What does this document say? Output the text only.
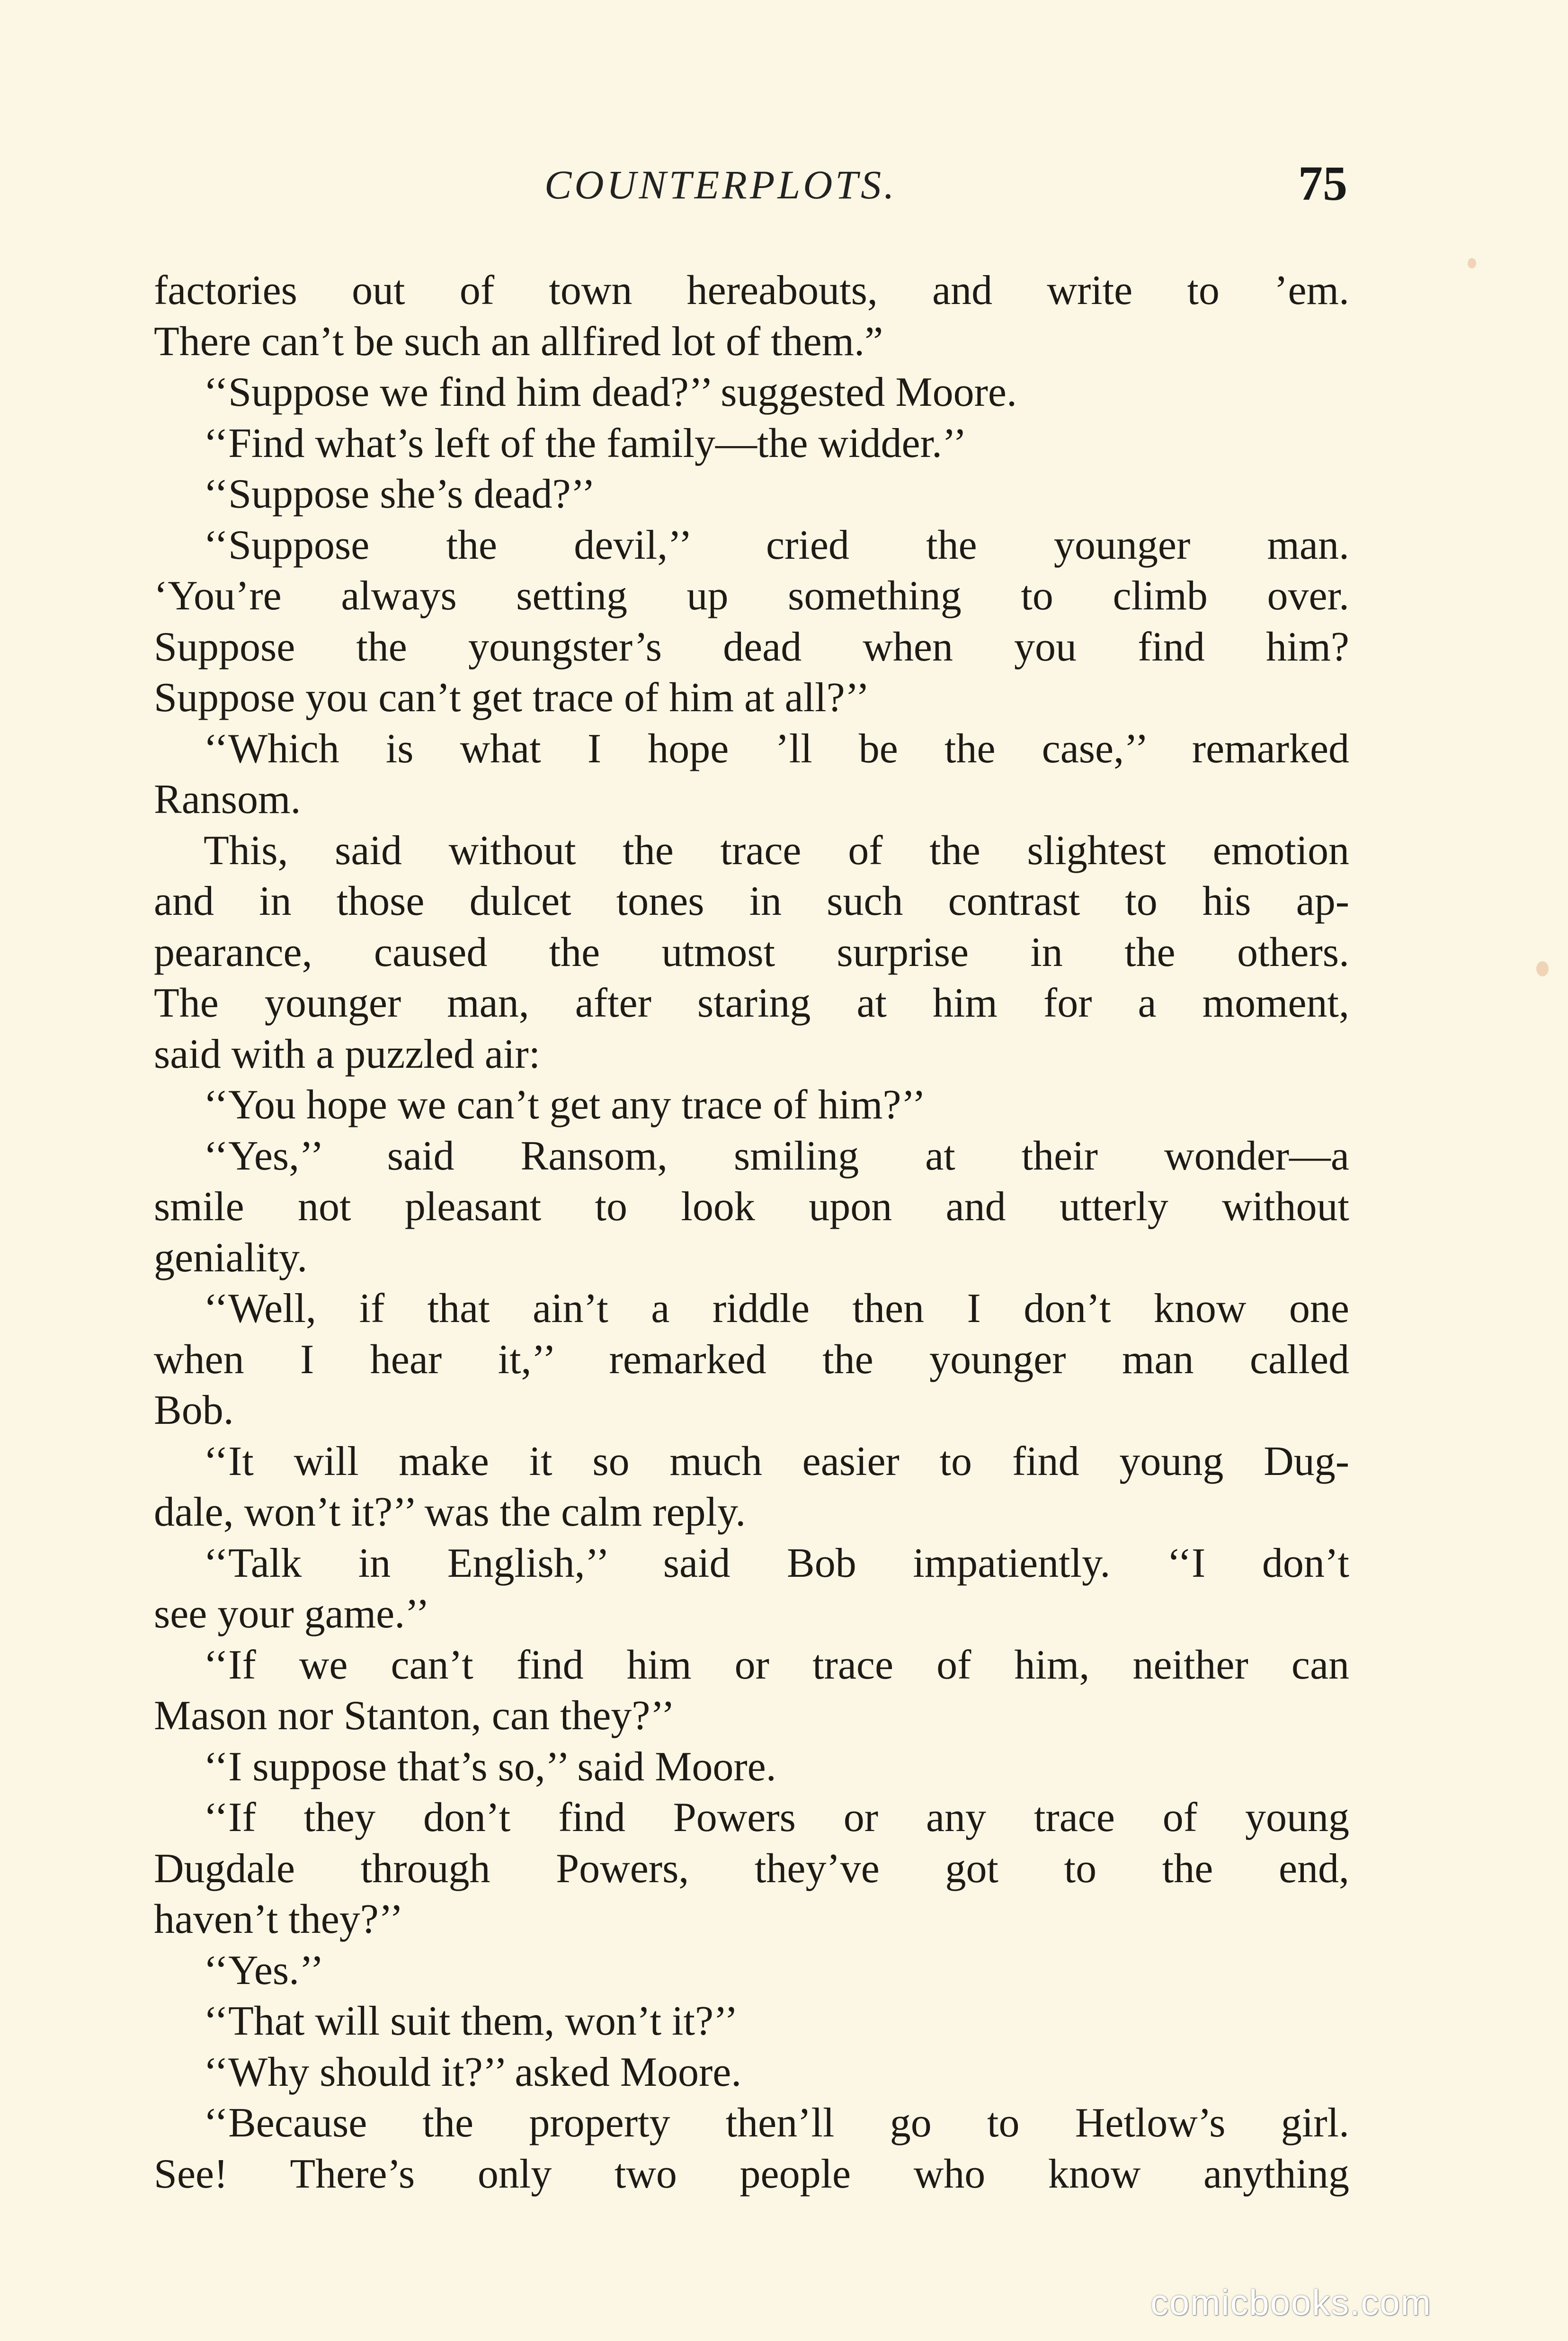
COUNTERPLOTS.	75
factories out of town hereabouts, and write to ’em.
There can’t be such an allfired lot of them.”
‘‘Suppose we find him dead?’’ suggested Moore.
‘‘Find what’s left of the family—the widder.’’
‘‘Suppose she’s dead?’’
‘‘Suppose the devil,’’ cried the younger man.
‘You’re always setting up something to climb over.
Suppose the youngster’s dead when you find him?
Suppose you can’t get trace of him at all?’’
‘‘Which is what I hope ’ll be the case,’’ remarked
Ransom.
This, said without the trace of the slightest emotion
and in those dulcet tones in such contrast to his ap-
pearance, caused the utmost surprise in the others.
The younger man, after staring at him for a moment,
said with a puzzled air:
‘‘You hope we can’t get any trace of him?’’
‘‘Yes,’’ said Ransom, smiling at their wonder—a
smile not pleasant to look upon and utterly without
geniality.
‘‘Well, if that ain’t a riddle then I don’t know one
when I hear it,’’ remarked the younger man called
Bob.
‘‘It will make it so much easier to find young Dug-
dale, won’t it?’’ was the calm reply.
‘‘Talk in English,’’ said Bob impatiently. ‘‘I don’t
see your game.’’
‘‘If we can’t find him or trace of him, neither can
Mason nor Stanton, can they?’’
‘‘I suppose that’s so,’’ said Moore.
‘‘If they don’t find Powers or any trace of young
Dugdale through Powers, they’ve got to the end,
haven’t they?’’
‘‘Yes.’’
‘‘That will suit them, won’t it?’’
‘‘Why should it?’’ asked Moore.
‘‘Because the property then’ll go to Hetlow’s girl.
See! There’s only two people who know anything
comicbooks.com
